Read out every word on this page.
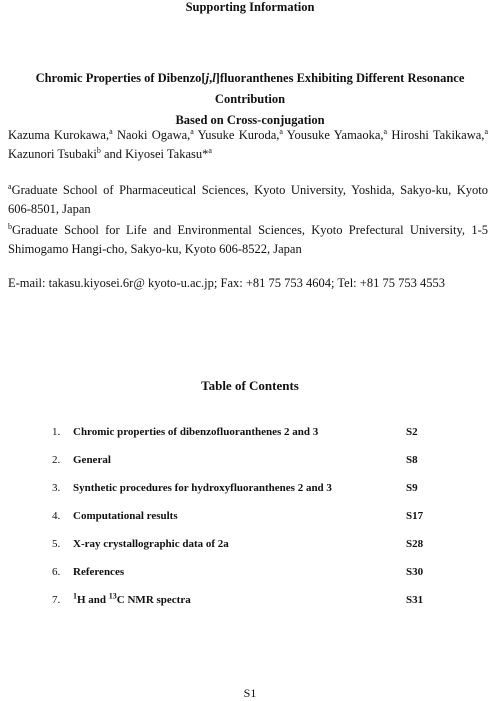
Supporting Information
Chromic Properties of Dibenzo[j,l]fluoranthenes Exhibiting Different Resonance Contribution
Based on Cross-conjugation
Kazuma Kurokawa,$^a$ Naoki Ogawa,$^a$ Yusuke Kuroda,$^a$ Yousuke Yamaoka,$^a$ Hiroshi Takikawa,$^a$ Kazunori Tsubaki$^b$ and Kiyosei Takasu*$^a$
$^a$Graduate School of Pharmaceutical Sciences, Kyoto University, Yoshida, Sakyo-ku, Kyoto 606-8501, Japan
$^b$Graduate School for Life and Environmental Sciences, Kyoto Prefectural University, 1-5 Shimogamo Hangi-cho, Sakyo-ku, Kyoto 606-8522, Japan
E-mail: takasu.kiyosei.6r@ kyoto-u.ac.jp; Fax: +81 75 753 4604; Tel: +81 75 753 4553
Table of Contents
1. Chromic properties of dibenzofluoranthenes 2 and 3	S2
2. General	S8
3. Synthetic procedures for hydroxyfluoranthenes 2 and 3	S9
4. Computational results	S17
5. X-ray crystallographic data of 2a	S28
6. References	S30
7. $^1$H and $^{13}$C NMR spectra	S31
S1
